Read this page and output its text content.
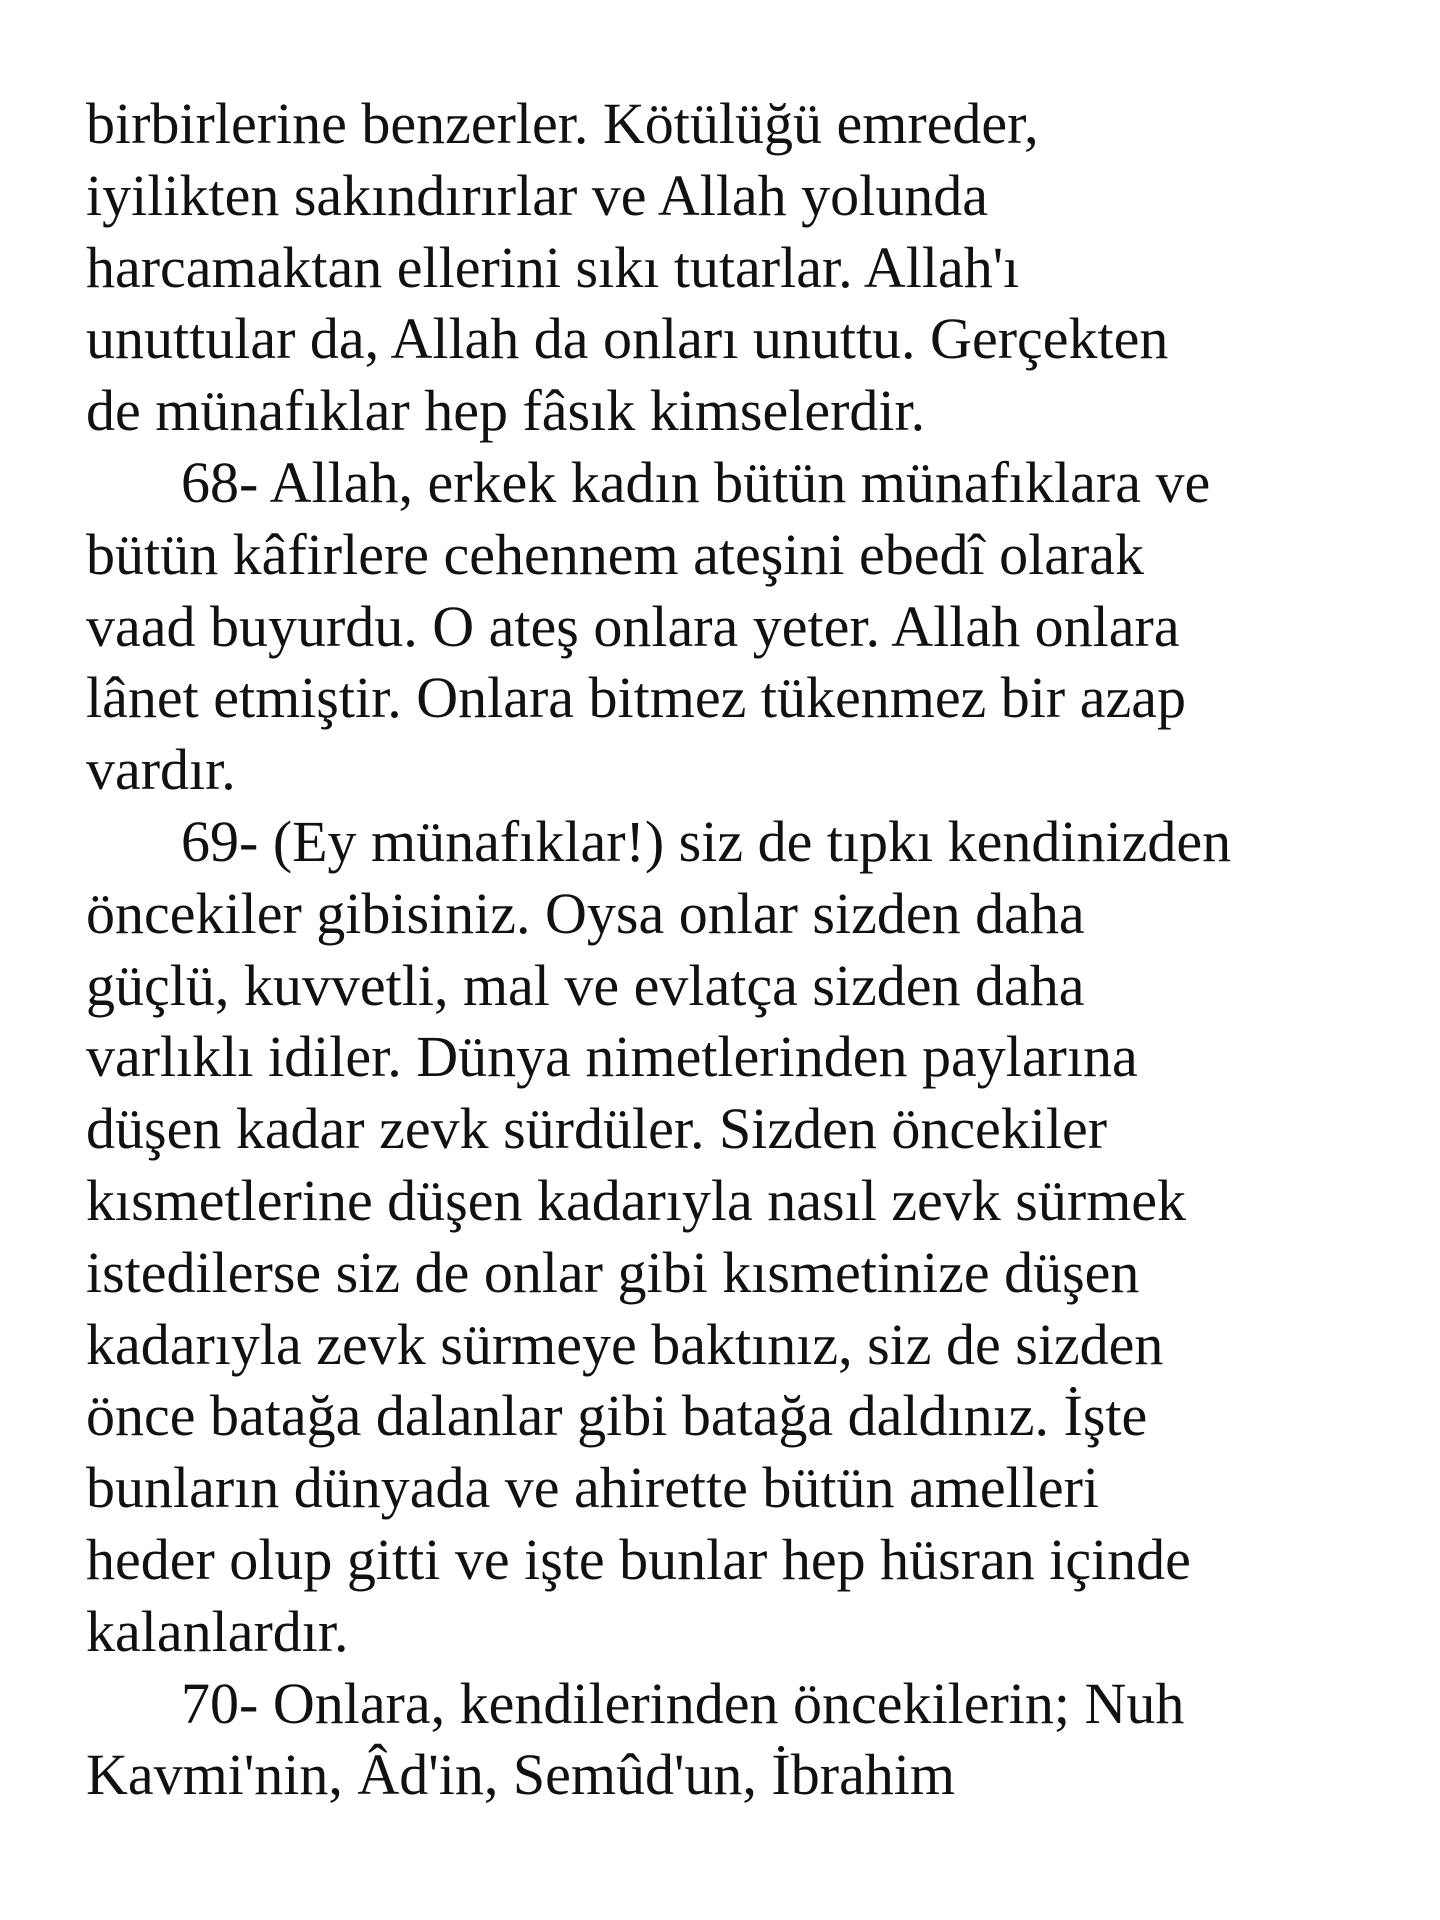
birbirlerine benzerler. Kötülüğü emreder,
iyilikten sakındırırlar ve Allah yolunda
harcamaktan ellerini sıkı tutarlar. Allah'ı
unuttular da, Allah da onları unuttu. Gerçekten
de münafıklar hep fâsık kimselerdir.
68- Allah, erkek kadın bütün münafıklara ve
bütün kâfirlere cehennem ateşini ebedî olarak
vaad buyurdu. O ateş onlara yeter. Allah onlara
lânet etmiştir. Onlara bitmez tükenmez bir azap
vardır.
69- (Ey münafıklar!) siz de tıpkı kendinizden
öncekiler gibisiniz. Oysa onlar sizden daha
güçlü, kuvvetli, mal ve evlatça sizden daha
varlıklı idiler. Dünya nimetlerinden paylarına
düşen kadar zevk sürdüler. Sizden öncekiler
kısmetlerine düşen kadarıyla nasıl zevk sürmek
istedilerse siz de onlar gibi kısmetinize düşen
kadarıyla zevk sürmeye baktınız, siz de sizden
önce batağa dalanlar gibi batağa daldınız. İşte
bunların dünyada ve ahirette bütün amelleri
heder olup gitti ve işte bunlar hep hüsran içinde
kalanlardır.
70- Onlara, kendilerinden öncekilerin; Nuh
Kavmi'nin, Âd'in, Semûd'un, İbrahim
